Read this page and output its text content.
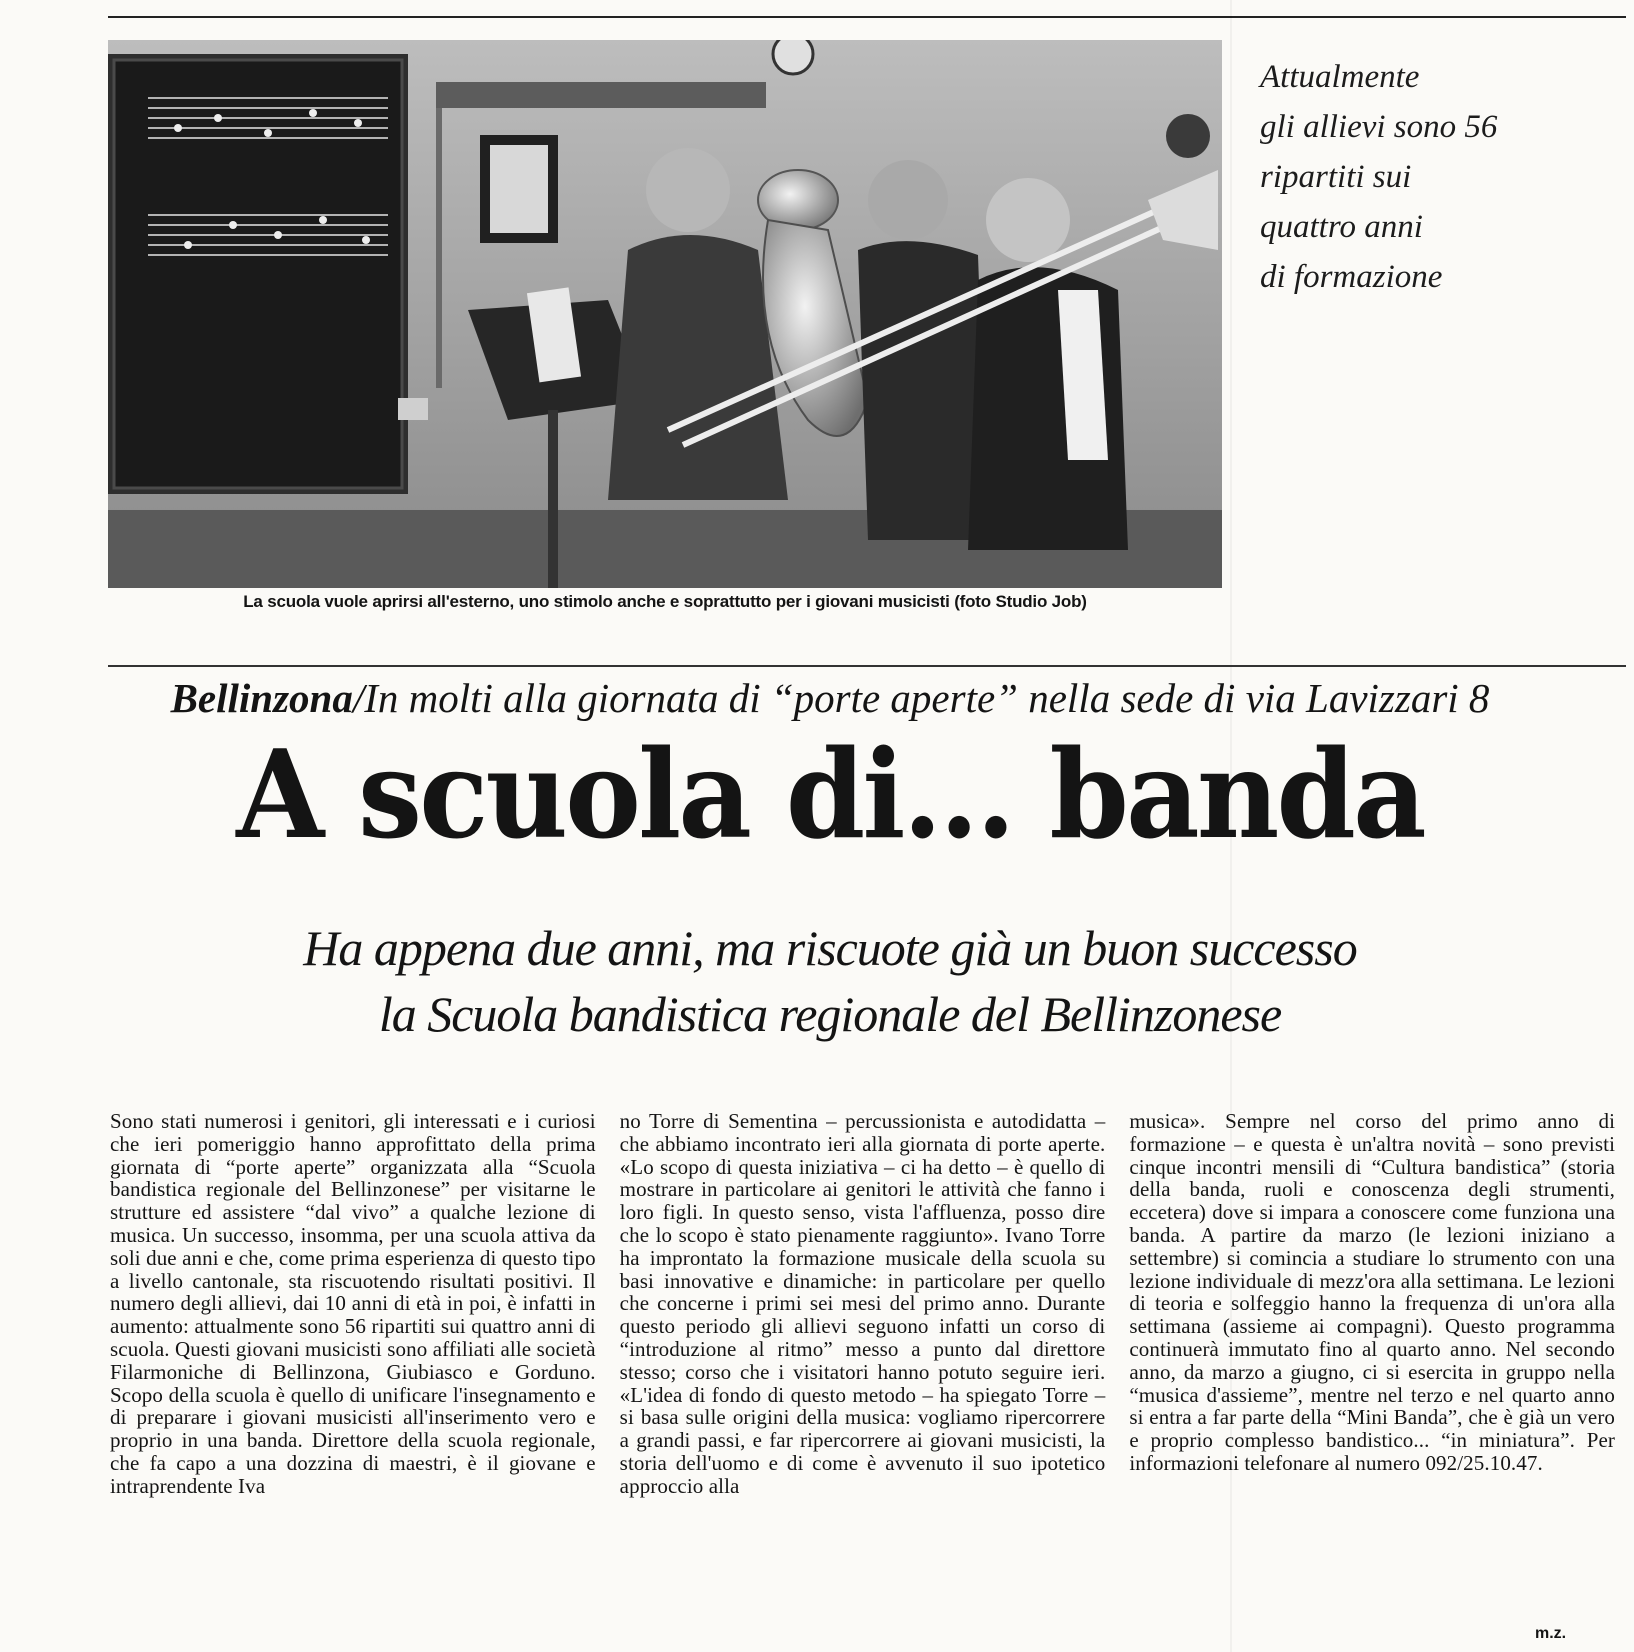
La scuola vuole aprirsi all'esterno, uno stimolo anche e soprattutto per i giovani musicisti (foto Studio Job)
Attualmente
gli allievi sono 56
ripartiti sui
quattro anni
di formazione
Bellinzona/In molti alla giornata di “porte aperte” nella sede di via Lavizzari 8
A scuola di... banda
Ha appena due anni, ma riscuote già un buon successo
la Scuola bandistica regionale del Bellinzonese

Sono stati numerosi i genitori, gli interessati e i curiosi che ieri pomeriggio hanno approfittato della prima giornata di “porte aperte” organizzata alla “Scuola bandistica regionale del Bellinzonese” per visitarne le strutture ed assistere “dal vivo” a qualche lezione di musica. Un successo, insomma, per una scuola attiva da soli due anni e che, come prima esperienza di questo tipo a livello cantonale, sta riscuotendo risultati positivi. Il numero degli allievi, dai 10 anni di età in poi, è infatti in aumento: attualmente sono 56 ripartiti sui quattro anni di scuola. Questi giovani musicisti sono affiliati alle società Filarmoniche di Bellinzona, Giubiasco e Gorduno. Scopo della scuola è quello di unificare l'insegnamento e di preparare i giovani musicisti all'inserimento vero e proprio in una banda. Direttore della scuola regionale, che fa capo a una dozzina di maestri, è il giovane e intraprendente Iva

no Torre di Sementina – percussionista e autodidatta – che abbiamo incontrato ieri alla giornata di porte aperte. «Lo scopo di questa iniziativa – ci ha detto – è quello di mostrare in particolare ai genitori le attività che fanno i loro figli. In questo senso, vista l'affluenza, posso dire che lo scopo è stato pienamente raggiunto». Ivano Torre ha improntato la formazione musicale della scuola su basi innovative e dinamiche: in particolare per quello che concerne i primi sei mesi del primo anno. Durante questo periodo gli allievi seguono infatti un corso di “introduzione al ritmo” messo a punto dal direttore stesso; corso che i visitatori hanno potuto seguire ieri. «L'idea di fondo di questo metodo – ha spiegato Torre – si basa sulle origini della musica: vogliamo ripercorrere a grandi passi, e far ripercorrere ai giovani musicisti, la storia dell'uomo e di come è avvenuto il suo ipotetico approccio alla

musica». Sempre nel corso del primo anno di formazione – e questa è un'altra novità – sono previsti cinque incontri mensili di “Cultura bandistica” (storia della banda, ruoli e conoscenza degli strumenti, eccetera) dove si impara a conoscere come funziona una banda. A partire da marzo (le lezioni iniziano a settembre) si comincia a studiare lo strumento con una lezione individuale di mezz'ora alla settimana. Le lezioni di teoria e solfeggio hanno la frequenza di un'ora alla settimana (assieme ai compagni). Questo programma continuerà immutato fino al quarto anno. Nel secondo anno, da marzo a giugno, ci si esercita in gruppo nella “musica d'assieme”, mentre nel terzo e nel quarto anno si entra a far parte della “Mini Banda”, che è già un vero e proprio complesso bandistico... “in miniatura”. Per informazioni telefonare al numero 092/25.10.47.

m.z.
